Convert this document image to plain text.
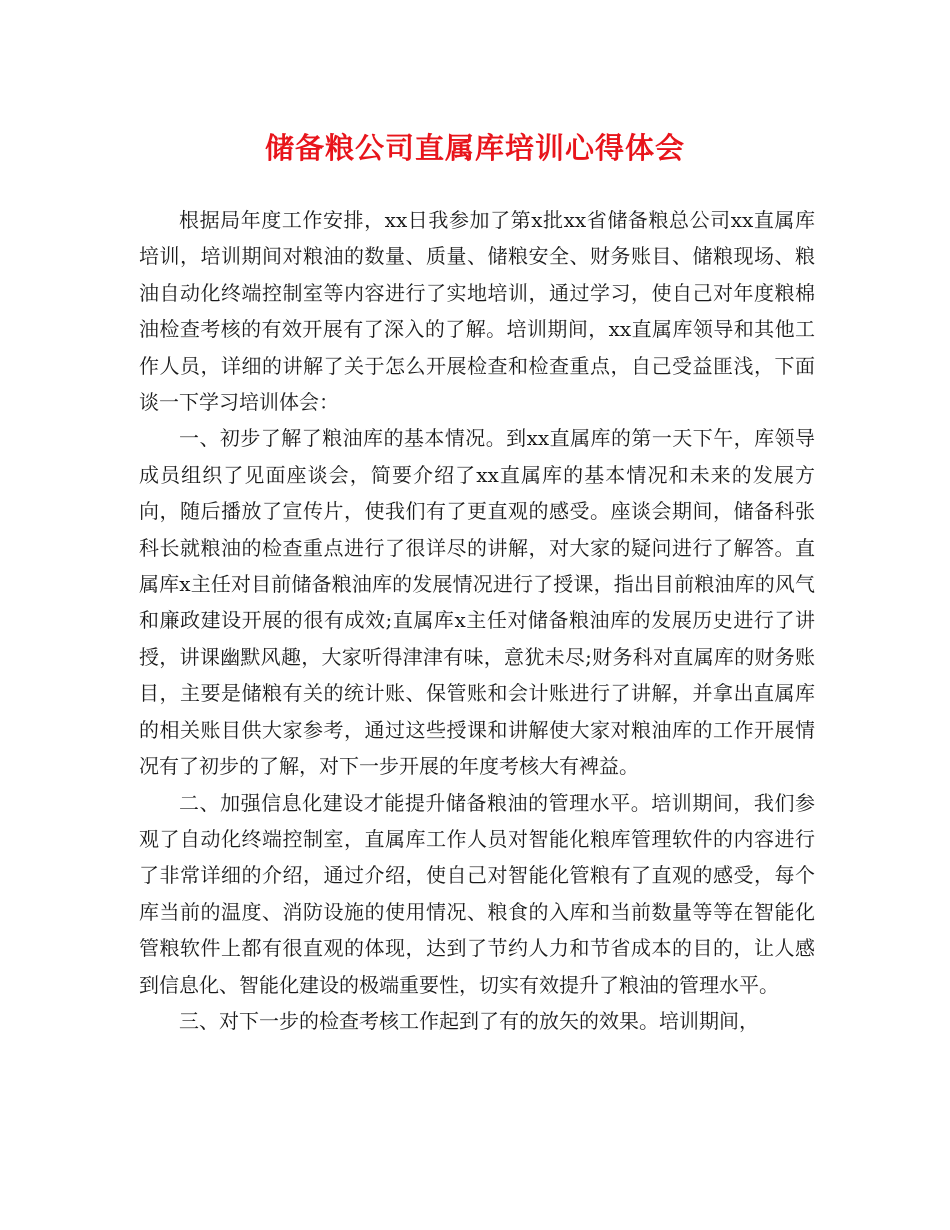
储备粮公司直属库培训心得体会

根据局年度工作安排，xx日我参加了第x批xx省储备粮总公司xx直属库培训，培训期间对粮油的数量、质量、储粮安全、财务账目、储粮现场、粮油自动化终端控制室等内容进行了实地培训，通过学习，使自己对年度粮棉油检查考核的有效开展有了深入的了解。培训期间，xx直属库领导和其他工作人员，详细的讲解了关于怎么开展检查和检查重点，自己受益匪浅，下面谈一下学习培训体会：

一、初步了解了粮油库的基本情况。到xx直属库的第一天下午，库领导成员组织了见面座谈会，简要介绍了xx直属库的基本情况和未来的发展方向，随后播放了宣传片，使我们有了更直观的感受。座谈会期间，储备科张科长就粮油的检查重点进行了很详尽的讲解，对大家的疑问进行了解答。直属库x主任对目前储备粮油库的发展情况进行了授课，指出目前粮油库的风气和廉政建设开展的很有成效;直属库x主任对储备粮油库的发展历史进行了讲授，讲课幽默风趣，大家听得津津有味，意犹未尽;财务科对直属库的财务账目，主要是储粮有关的统计账、保管账和会计账进行了讲解，并拿出直属库的相关账目供大家参考，通过这些授课和讲解使大家对粮油库的工作开展情况有了初步的了解，对下一步开展的年度考核大有裨益。

二、加强信息化建设才能提升储备粮油的管理水平。培训期间，我们参观了自动化终端控制室，直属库工作人员对智能化粮库管理软件的内容进行了非常详细的介绍，通过介绍，使自己对智能化管粮有了直观的感受，每个库当前的温度、消防设施的使用情况、粮食的入库和当前数量等等在智能化管粮软件上都有很直观的体现，达到了节约人力和节省成本的目的，让人感到信息化、智能化建设的极端重要性，切实有效提升了粮油的管理水平。

三、对下一步的检查考核工作起到了有的放矢的效果。培训期间，
